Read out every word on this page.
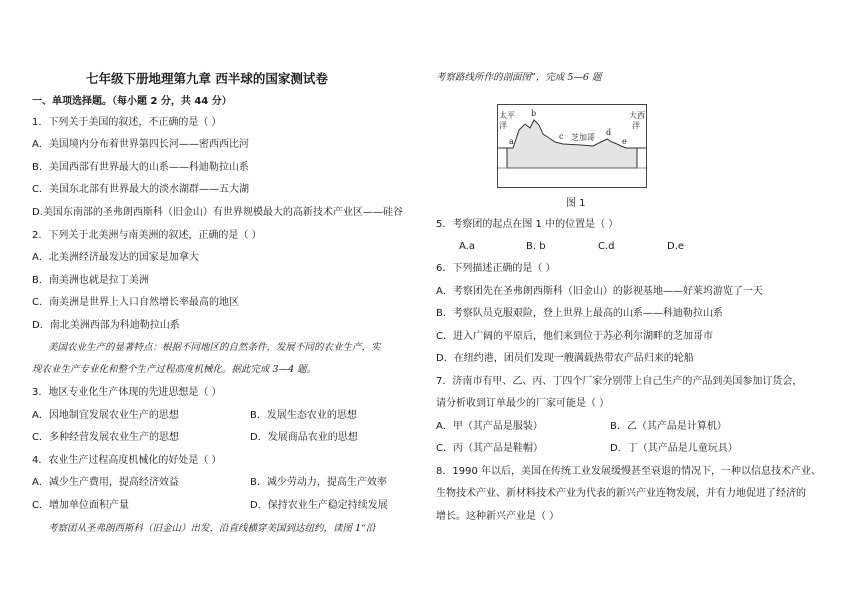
七年级下册地理第九章 西半球的国家测试卷
一、单项选择题。（每小题 2 分，共 44 分）
1．下列关于美国的叙述，不正确的是（ ）
A．美国境内分布着世界第四长河——密西西比河
B．美国西部有世界最大的山系——科迪勒拉山系
C．美国东北部有世界最大的淡水湖群——五大湖
D.美国东南部的圣弗朗西斯科（旧金山）有世界规模最大的高新技术产业区——硅谷
2．下列关于北美洲与南美洲的叙述，正确的是（ ）
A．北美洲经济最发达的国家是加拿大
B．南美洲也就是拉丁美洲
C．南美洲是世界上人口自然增长率最高的地区
D．南北美洲西部为科迪勒拉山系
美国农业生产的显著特点：根据不同地区的自然条件，发展不同的农业生产，实
现农业生产专业化和整个生产过程高度机械化。据此完成 3—4 题。
3．地区专业化生产体现的先进思想是（ ）
A．因地制宜发展农业生产的思想	B．发展生态农业的思想
C．多种经营发展农业生产的思想	D．发展商品农业的思想
4．农业生产过程高度机械化的好处是（ ）
A．减少生产费用，提高经济效益	B．减少劳动力，提高生产效率
C．增加单位面积产量	D．保持农业生产稳定持续发展
考察团从圣弗朗西斯科（旧金山）出发，沿直线横穿美国到达纽约，读图 1“沿
考察路线所作的剖面图”，完成 5—6 题
太平
洋
大西
洋
a
b
c 芝加哥
d
e
图 1
5．考察团的起点在图 1 中的位置是（ ）
A.a	B. b	C.d	D.e
6．下列描述正确的是（ ）
A．考察团先在圣弗朗西斯科（旧金山）的影视基地——好莱坞游览了一天
B．考察队员克服艰险，登上世界上最高的山系——科迪勒拉山系
C．进入广阔的平原后，他们来到位于苏必利尔湖畔的芝加哥市
D．在纽约港，团员们发现一艘满载热带农产品归来的轮船
7．济南市有甲、乙、丙、丁四个厂家分别带上自己生产的产品到美国参加订货会，
请分析收到订单最少的厂家可能是（ ）
A．甲（其产品是服装）	B．乙（其产品是计算机）
C．丙（其产品是鞋帽）	D．丁（其产品是儿童玩具）
8．1990 年以后，美国在传统工业发展缓慢甚至衰退的情况下，一种以信息技术产业、
生物技术产业、新材料技术产业为代表的新兴产业连物发展，并有力地促进了经济的
增长。这种新兴产业是（ ）
